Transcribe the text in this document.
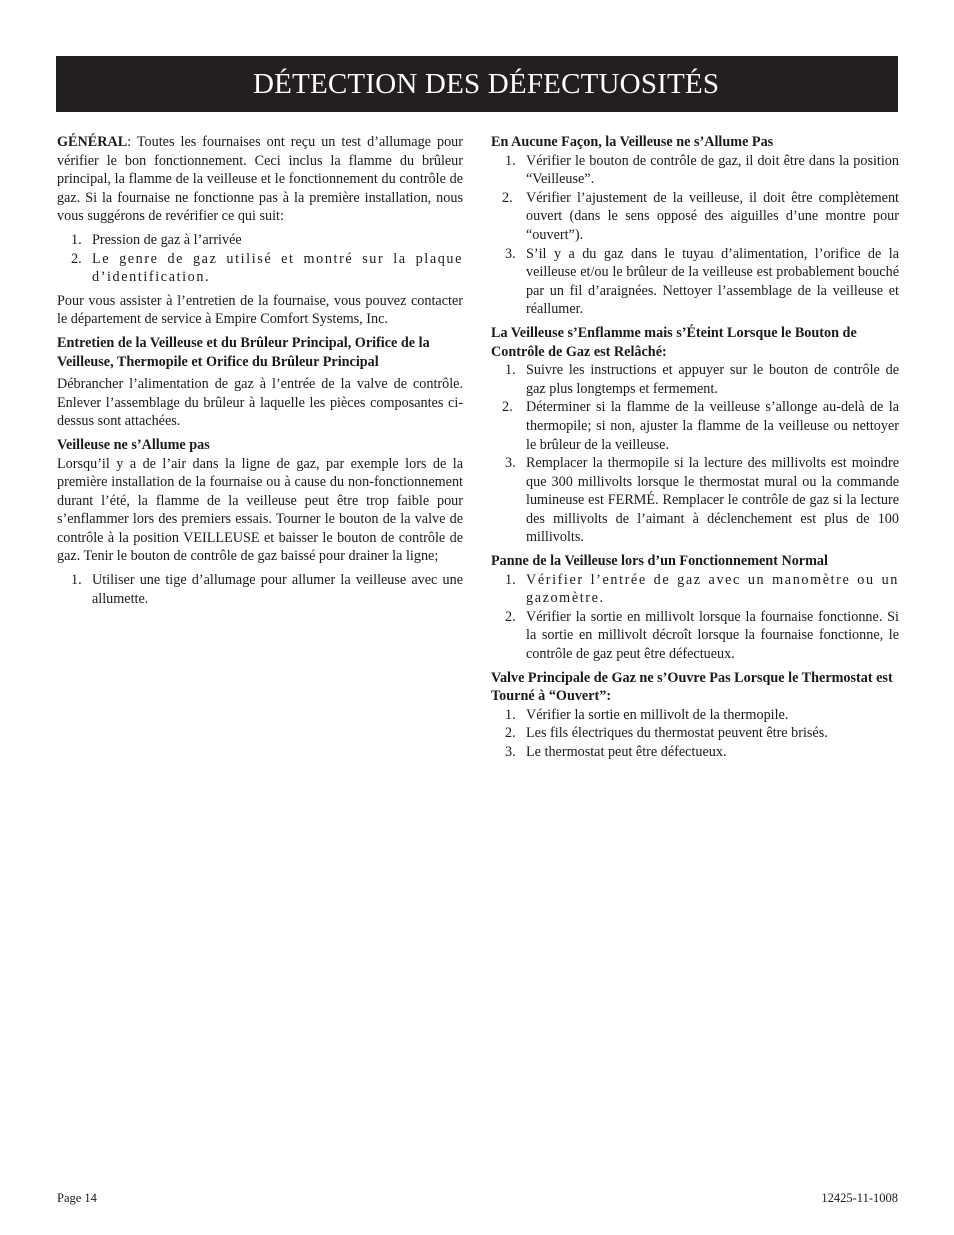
DÉTECTION DES DÉFECTUOSITÉS

GÉNÉRAL: Toutes les fournaises ont reçu un test d’allumage pour vérifier le bon fonctionnement. Ceci inclus la flamme du brûleur principal, la flamme de la veilleuse et le fonctionnement du contrôle de gaz. Si la fournaise ne fonctionne pas à la première installation, nous vous suggérons de revérifier ce qui suit:

1. Pression de gaz à l’arrivée
2. Le genre de gaz utilisé et montré sur la plaque d’identification.

Pour vous assister à l’entretien de la fournaise, vous pouvez contacter le département de service à Empire Comfort Systems, Inc.

Entretien de la Veilleuse et du Brûleur Principal, Orifice de la Veilleuse, Thermopile et Orifice du Brûleur Principal

Débrancher l’alimentation de gaz à l’entrée de la valve de contrôle. Enlever l’assemblage du brûleur à laquelle les pièces composantes ci-dessus sont attachées.

Veilleuse ne s’Allume pas

Lorsqu’il y a de l’air dans la ligne de gaz, par exemple lors de la première installation de la fournaise ou à cause du non-fonctionnement durant l’été, la flamme de la veilleuse peut être trop faible pour s’enflammer lors des premiers essais. Tourner le bouton de la valve de contrôle à la position VEILLEUSE et baisser le bouton de contrôle de gaz. Tenir le bouton de contrôle de gaz baissé pour drainer la ligne;

1. Utiliser une tige d’allumage pour allumer la veilleuse avec une allumette.

En Aucune Façon, la Veilleuse ne s’Allume Pas

1. Vérifier le bouton de contrôle de gaz, il doit être dans la position “Veilleuse”.
2. Vérifier l’ajustement de la veilleuse, il doit être complètement ouvert (dans le sens opposé des aiguilles d’une montre pour “ouvert”).
3. S’il y a du gaz dans le tuyau d’alimentation, l’orifice de la veilleuse et/ou le brûleur de la veilleuse est probablement bouché par un fil d’araignées. Nettoyer l’assemblage de la veilleuse et réallumer.

La Veilleuse s’Enflamme mais s’Éteint Lorsque le Bouton de
Contrôle de Gaz est Relâché:

1. Suivre les instructions et appuyer sur le bouton de contrôle de gaz plus longtemps et fermement.
2. Déterminer si la flamme de la veilleuse s’allonge au-delà de la thermopile; si non, ajuster la flamme de la veilleuse ou nettoyer le brûleur de la veilleuse.
3. Remplacer la thermopile si la lecture des millivolts est moindre que 300 millivolts lorsque le thermostat mural ou la commande lumineuse est FERMÉ. Remplacer le contrôle de gaz si la lecture des millivolts de l’aimant à déclenchement est plus de 100 millivolts.

Panne de la Veilleuse lors d’un Fonctionnement Normal

1. Vérifier l’entrée de gaz avec un manomètre ou un gazomètre.
2. Vérifier la sortie en millivolt lorsque la fournaise fonctionne. Si la sortie en millivolt décroît lorsque la fournaise fonctionne, le contrôle de gaz peut être défectueux.

Valve Principale de Gaz ne s’Ouvre Pas Lorsque le Thermostat est Tourné à “Ouvert”:

1. Vérifier la sortie en millivolt de la thermopile.
2. Les fils électriques du thermostat peuvent être brisés.
3. Le thermostat peut être défectueux.
Page 14	12425-11-1008
